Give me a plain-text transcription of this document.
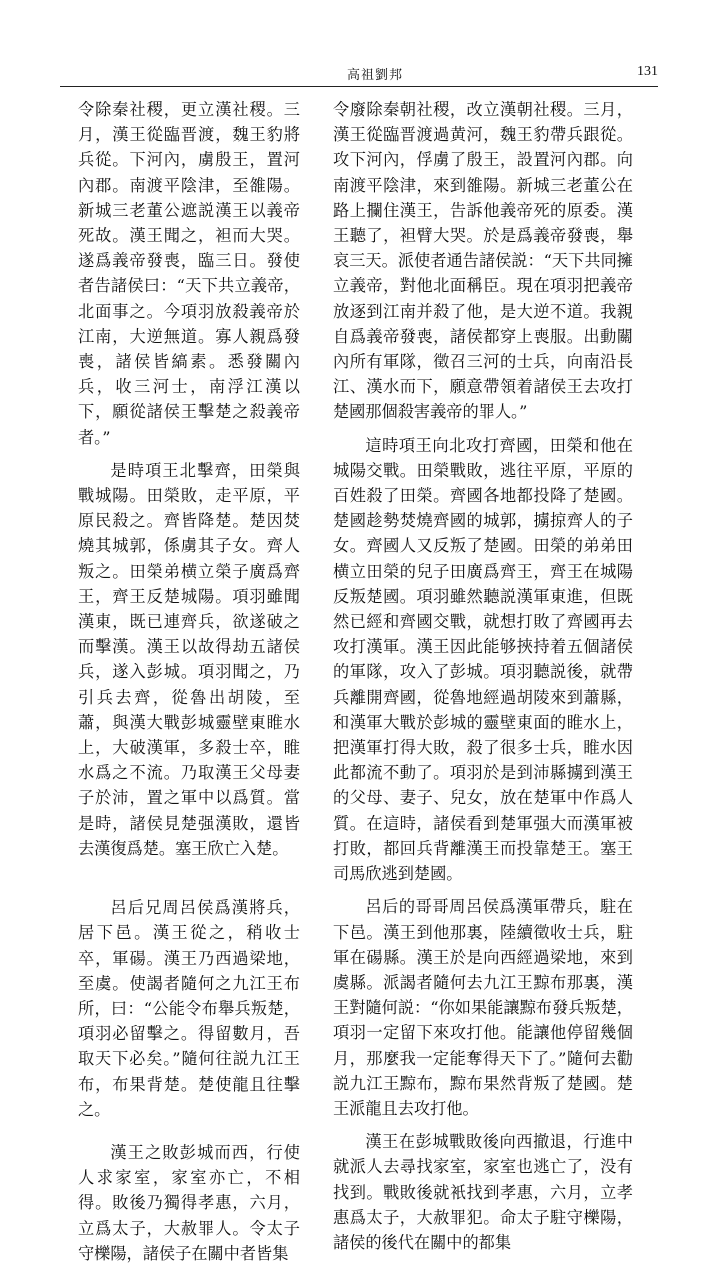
高祖劉邦	131

令除秦社稷，更立漢社稷。三月，漢王從臨晋渡，魏王豹將兵從。下河內，虜殷王，置河內郡。南渡平陰津，至雒陽。新城三老董公遮説漢王以義帝死故。漢王聞之，袒而大哭。遂爲義帝發喪，臨三日。發使者告諸侯曰：“天下共立義帝，北面事之。今項羽放殺義帝於江南，大逆無道。寡人親爲發喪，諸侯皆縞素。悉發關內兵，收三河士，南浮江漢以下，願從諸侯王擊楚之殺義帝者。”

是時項王北擊齊，田榮與戰城陽。田榮敗，走平原，平原民殺之。齊皆降楚。楚因焚燒其城郭，係虜其子女。齊人叛之。田榮弟横立榮子廣爲齊王，齊王反楚城陽。項羽雖聞漢東，既已連齊兵，欲遂破之而擊漢。漢王以故得劫五諸侯兵，遂入彭城。項羽聞之，乃引兵去齊，從魯出胡陵，至蕭，與漢大戰彭城靈壁東睢水上，大破漢軍，多殺士卒，睢水爲之不流。乃取漢王父母妻子於沛，置之軍中以爲質。當是時，諸侯見楚强漢敗，還皆去漢復爲楚。塞王欣亡入楚。

呂后兄周呂侯爲漢將兵，居下邑。漢王從之，稍收士卒，軍碭。漢王乃西過梁地，至虞。使謁者隨何之九江王布所，曰：“公能令布舉兵叛楚，項羽必留擊之。得留數月，吾取天下必矣。”隨何往説九江王布，布果背楚。楚使龍且往擊之。

漢王之敗彭城而西，行使人求家室，家室亦亡，不相得。敗後乃獨得孝惠，六月，立爲太子，大赦罪人。令太子守櫟陽，諸侯子在關中者皆集

令廢除秦朝社稷，改立漢朝社稷。三月，漢王從臨晋渡過黄河，魏王豹帶兵跟從。攻下河內，俘虜了殷王，設置河內郡。向南渡平陰津，來到雒陽。新城三老董公在路上攔住漢王，告訴他義帝死的原委。漢王聽了，袒臂大哭。於是爲義帝發喪，舉哀三天。派使者通告諸侯説：“天下共同擁立義帝，對他北面稱臣。現在項羽把義帝放逐到江南并殺了他，是大逆不道。我親自爲義帝發喪，諸侯都穿上喪服。出動關內所有軍隊，徵召三河的士兵，向南沿長江、漢水而下，願意帶領着諸侯王去攻打楚國那個殺害義帝的罪人。”

這時項王向北攻打齊國，田榮和他在城陽交戰。田榮戰敗，逃往平原，平原的百姓殺了田榮。齊國各地都投降了楚國。楚國趁勢焚燒齊國的城郭，擄掠齊人的子女。齊國人又反叛了楚國。田榮的弟弟田横立田榮的兒子田廣爲齊王，齊王在城陽反叛楚國。項羽雖然聽説漢軍東進，但既然已經和齊國交戰，就想打敗了齊國再去攻打漢軍。漢王因此能够挾持着五個諸侯的軍隊，攻入了彭城。項羽聽説後，就帶兵離開齊國，從魯地經過胡陵來到蕭縣，和漢軍大戰於彭城的靈壁東面的睢水上，把漢軍打得大敗，殺了很多士兵，睢水因此都流不動了。項羽於是到沛縣擄到漢王的父母、妻子、兒女，放在楚軍中作爲人質。在這時，諸侯看到楚軍强大而漢軍被打敗，都回兵背離漢王而投靠楚王。塞王司馬欣逃到楚國。

呂后的哥哥周呂侯爲漢軍帶兵，駐在下邑。漢王到他那裏，陸續徵收士兵，駐軍在碭縣。漢王於是向西經過梁地，來到虞縣。派謁者隨何去九江王黥布那裏，漢王對隨何説：“你如果能讓黥布發兵叛楚，項羽一定留下來攻打他。能讓他停留幾個月，那麼我一定能奪得天下了。”隨何去勸説九江王黥布，黥布果然背叛了楚國。楚王派龍且去攻打他。

漢王在彭城戰敗後向西撤退，行進中就派人去尋找家室，家室也逃亡了，没有找到。戰敗後就衹找到孝惠，六月，立孝惠爲太子，大赦罪犯。命太子駐守櫟陽，諸侯的後代在關中的都集
